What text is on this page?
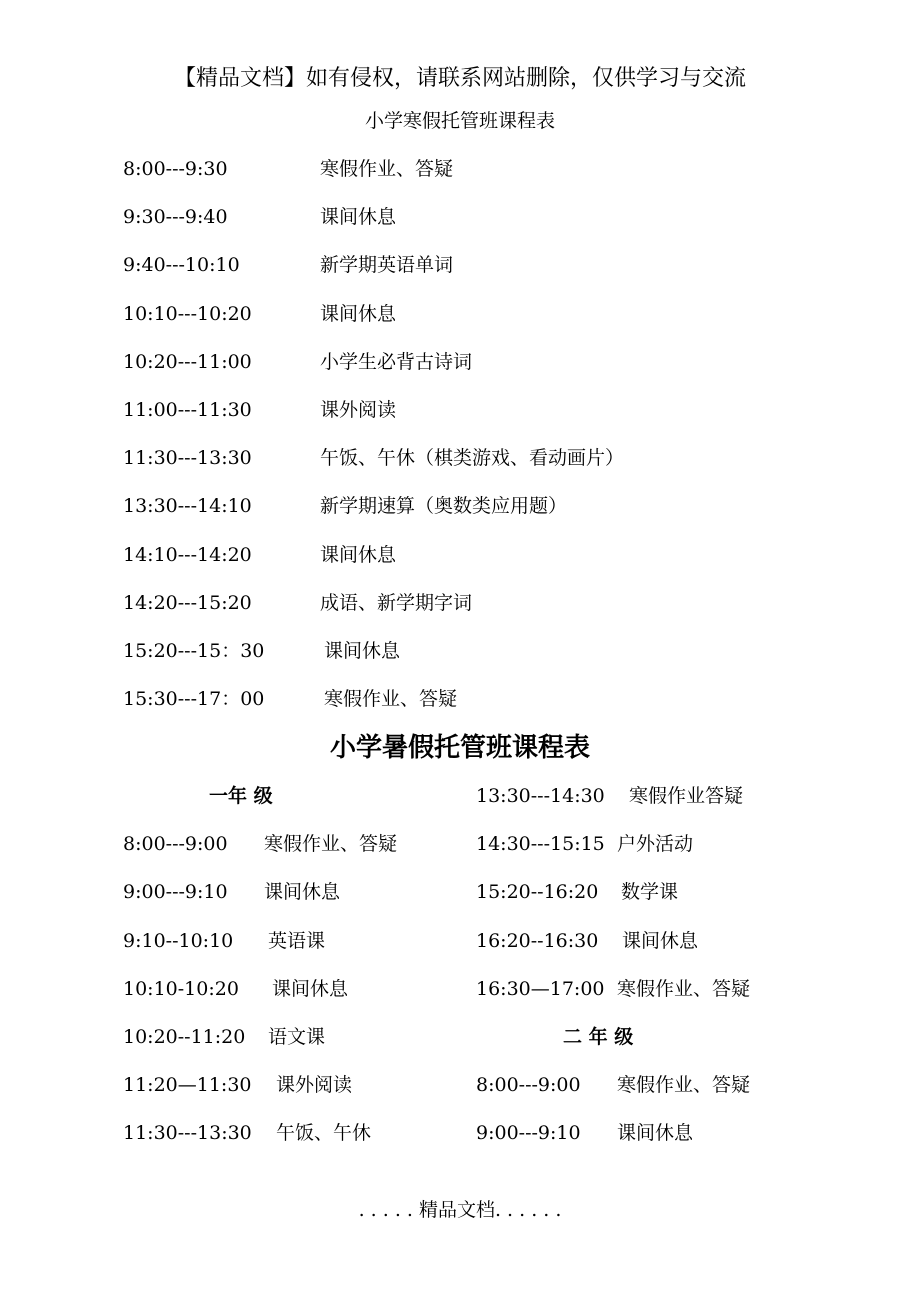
【精品文档】如有侵权，请联系网站删除，仅供学习与交流
小学寒假托管班课程表
8:00---9:30	寒假作业、答疑
9:30---9:40	课间休息
9:40---10:10	新学期英语单词
10:10---10:20	课间休息
10:20---11:00	小学生必背古诗词
11:00---11:30	课外阅读
11:30---13:30	午饭、午休（棋类游戏、看动画片）
13:30---14:10	新学期速算（奥数类应用题）
14:10---14:20	课间休息
14:20---15:20	成语、新学期字词
15:20---15：30	课间休息
15:30---17：00	寒假作业、答疑
小学暑假托管班课程表
一年 级
8:00---9:00 寒假作业、答疑
9:00---9:10 课间休息
9:10--10:10 英语课
10:10-10:20 课间休息
10:20--11:20 语文课
11:20—11:30 课外阅读
11:30---13:30 午饭、午休
13:30---14:30 寒假作业答疑
14:30---15:15 户外活动
15:20--16:20 数学课
16:20--16:30 课间休息
16:30—17:00 寒假作业、答疑
二 年 级
8:00---9:00 寒假作业、答疑
9:00---9:10 课间休息
. . . . . 精品文档. . . . . .
